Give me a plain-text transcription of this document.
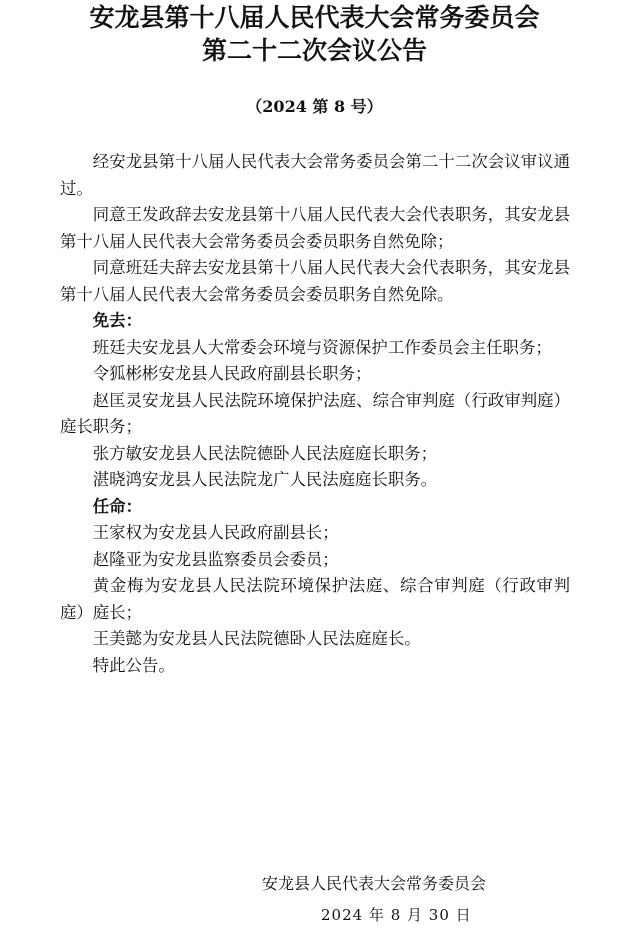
安龙县第十八届人民代表大会常务委员会
第二十二次会议公告
（2024 第 8 号）

经安龙县第十八届人民代表大会常务委员会第二十二次会议审议通过。

同意王发政辞去安龙县第十八届人民代表大会代表职务，其安龙县第十八届人民代表大会常务委员会委员职务自然免除；

同意班廷夫辞去安龙县第十八届人民代表大会代表职务，其安龙县第十八届人民代表大会常务委员会委员职务自然免除。

免去：

班廷夫安龙县人大常委会环境与资源保护工作委员会主任职务；

令狐彬彬安龙县人民政府副县长职务；

赵匡灵安龙县人民法院环境保护法庭、综合审判庭（行政审判庭）庭长职务；

张方敏安龙县人民法院德卧人民法庭庭长职务；

湛晓鸿安龙县人民法院龙广人民法庭庭长职务。

任命：

王家权为安龙县人民政府副县长；

赵隆亚为安龙县监察委员会委员；

黄金梅为安龙县人民法院环境保护法庭、综合审判庭（行政审判庭）庭长；

王美懿为安龙县人民法院德卧人民法庭庭长。

特此公告。

安龙县人民代表大会常务委员会
2024 年 8 月 30 日
